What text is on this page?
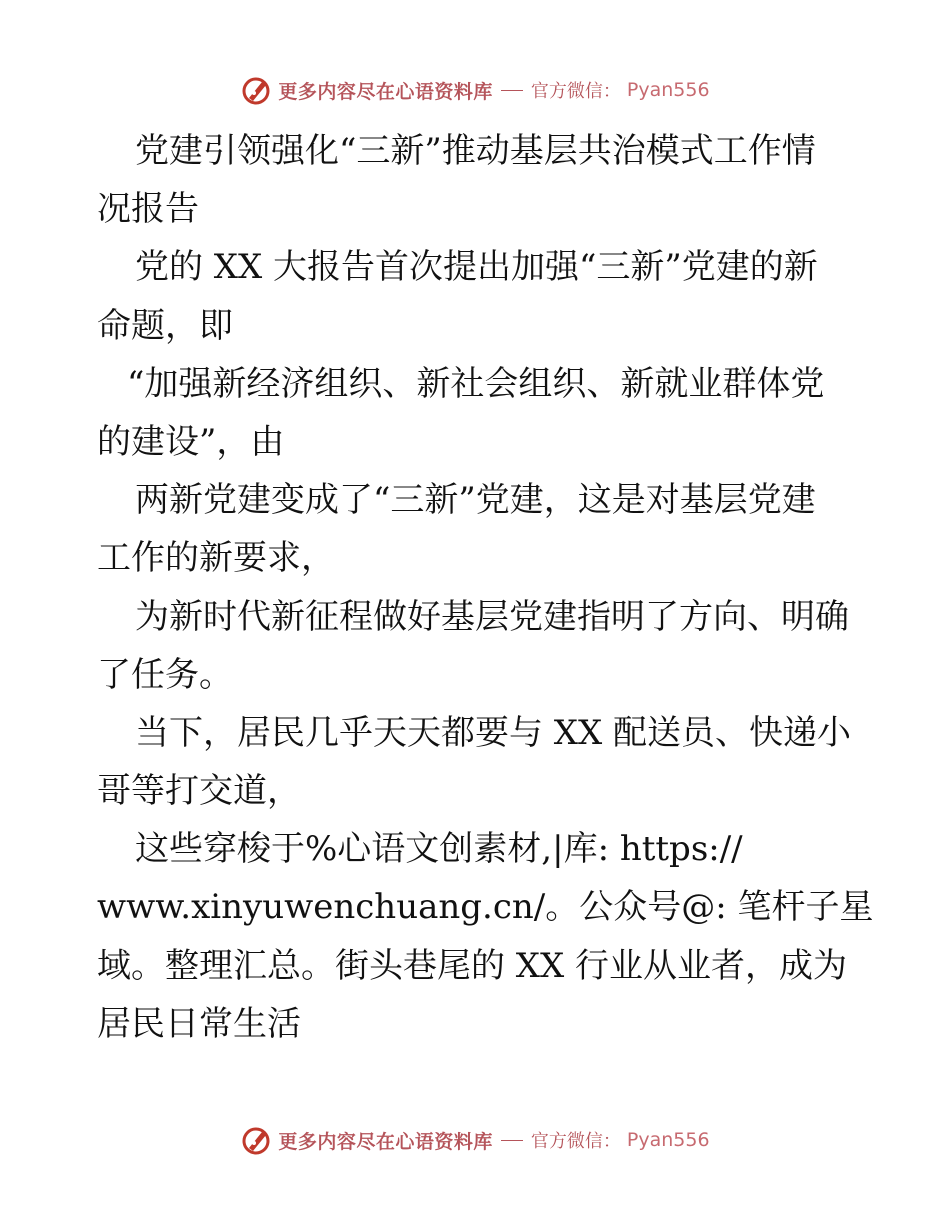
更多内容尽在心语资料库 官方微信： Pyan556
党建引领强化“三新”推动基层共治模式工作情
况报告
党的 XX 大报告首次提出加强“三新”党建的新
命题，即
“加强新经济组织、新社会组织、新就业群体党
的建设”，由
两新党建变成了“三新”党建，这是对基层党建
工作的新要求，
为新时代新征程做好基层党建指明了方向、明确
了任务。
当下，居民几乎天天都要与 XX 配送员、快递小
哥等打交道，
这些穿梭于%心语文创素材,|库: https://
www.xinyuwenchuang.cn/。公众号@: 笔杆子星
域。整理汇总。街头巷尾的 XX 行业从业者，成为
居民日常生活
更多内容尽在心语资料库 官方微信： Pyan556
